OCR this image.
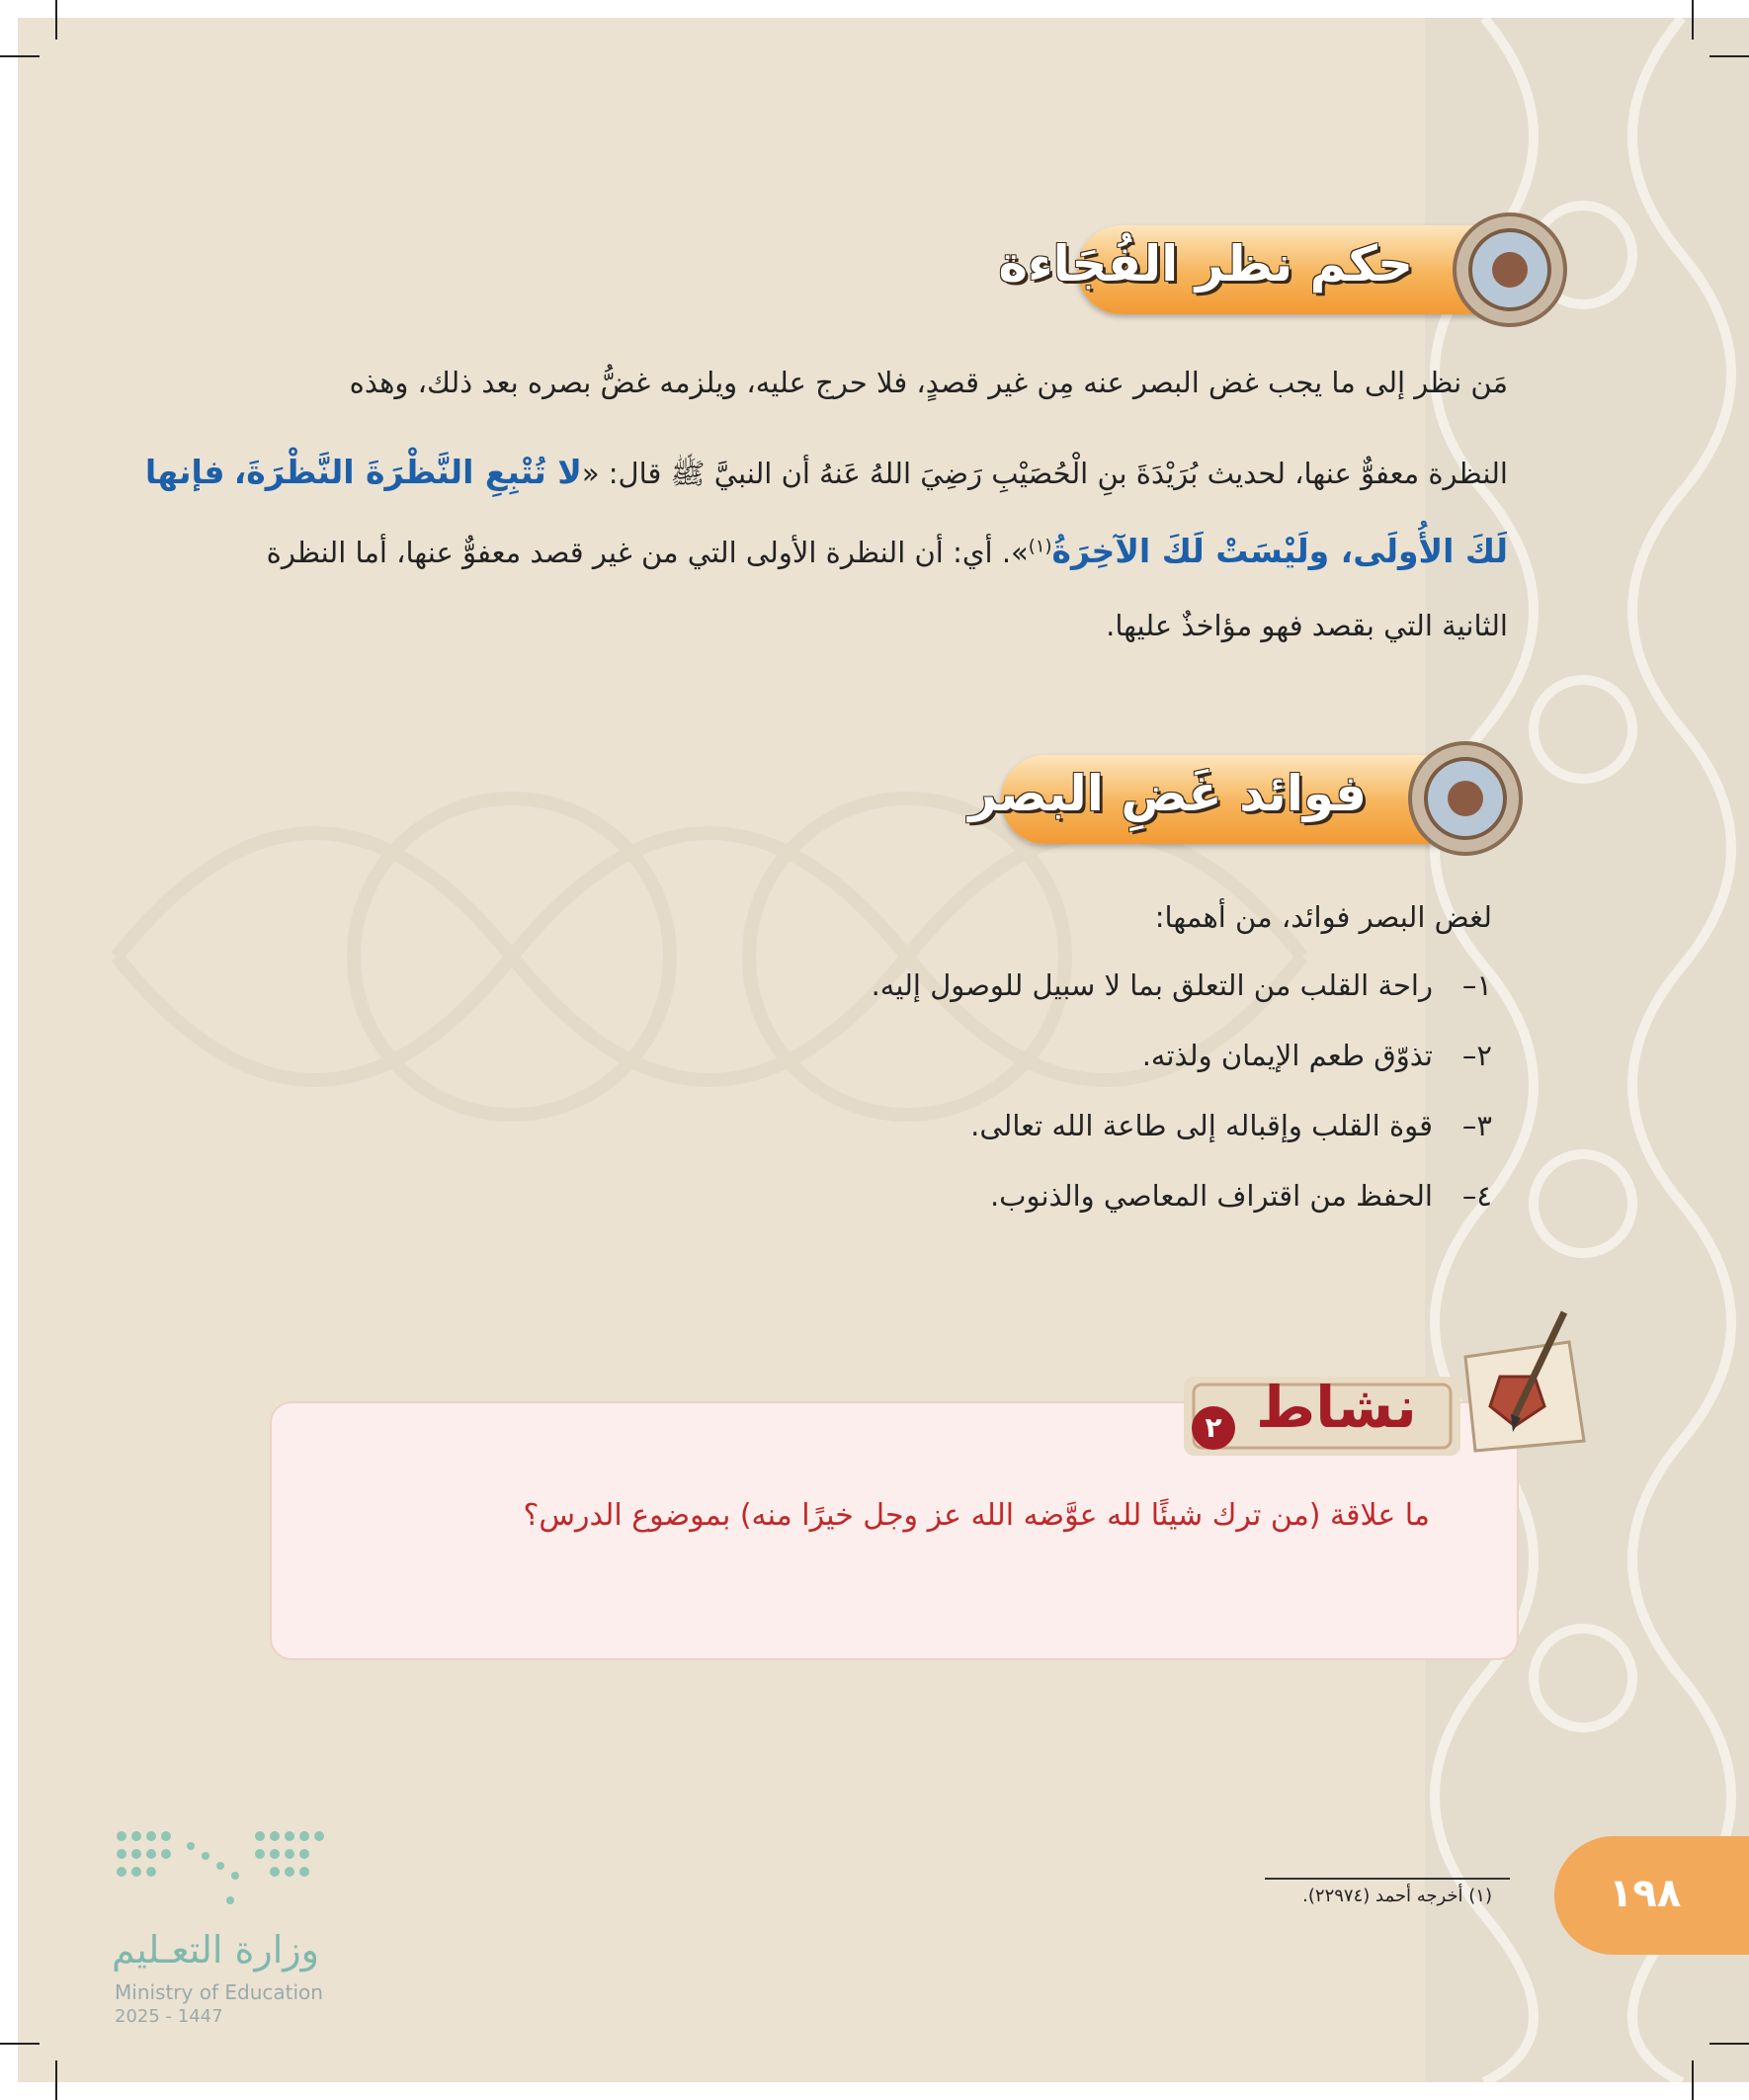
حكم نظر الفُجَاءة
مَن نظر إلى ما يجب غض البصر عنه مِن غير قصدٍ، فلا حرج عليه، ويلزمه غضُّ بصره بعد ذلك، وهذه
النظرة معفوٌّ عنها، لحديث بُرَيْدَةَ بنِ الْحُصَيْبِ رَضِيَ اللهُ عَنهُ أن النبيَّ ﷺ قال: «لا تُتْبِعِ النَّظْرَةَ النَّظْرَةَ، فإنها
لَكَ الأُولَى، ولَيْسَتْ لَكَ الآخِرَةُ$^{(١)}$». أي: أن النظرة الأولى التي من غير قصد معفوٌّ عنها، أما النظرة
الثانية التي بقصد فهو مؤاخذٌ عليها.
فوائد غَضِ البصر
لغض البصر فوائد، من أهمها:
١–راحة القلب من التعلق بما لا سبيل للوصول إليه.
٢–تذوّق طعم الإيمان ولذته.
٣–قوة القلب وإقباله إلى طاعة الله تعالى.
٤–الحفظ من اقتراف المعاصي والذنوب.
ما علاقة (من ترك شيئًا لله عوَّضه الله عز وجل خيرًا منه) بموضوع الدرس؟
نشاط
٢
(١) أخرجه أحمد (٢٢٩٧٤).	١٩٨
وزارة التعـليم
Ministry of Education
2025 - 1447
